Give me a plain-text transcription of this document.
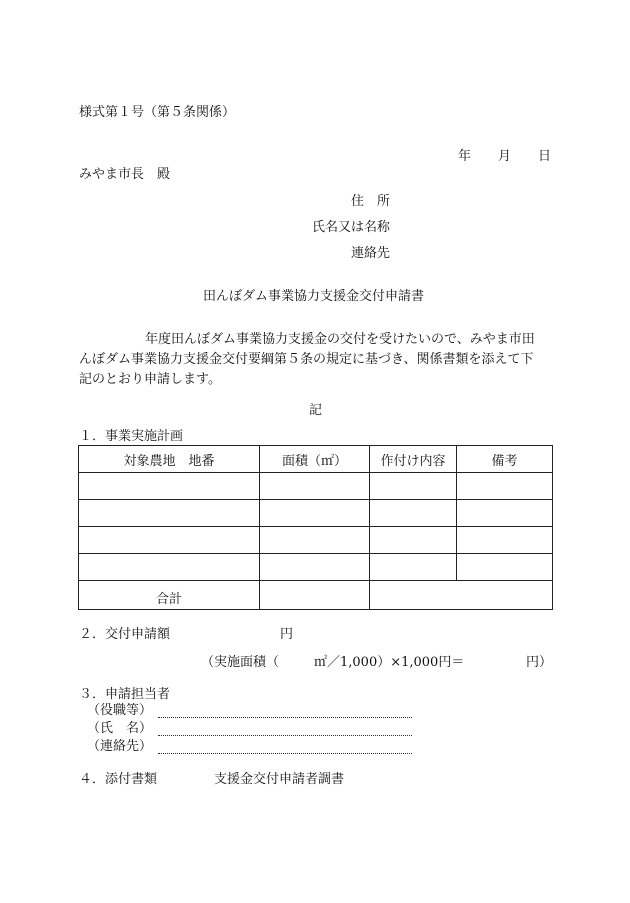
様式第１号（第５条関係）
年 月 日
みやま市長　殿
住　所
氏名又は名称
連絡先
田んぼダム事業協力支援金交付申請書
年度田んぼダム事業協力支援金の交付を受けたいので、みやま市田
んぼダム事業協力支援金交付要綱第５条の規定に基づき、関係書類を添えて下
記のとおり申請します。
記
１．事業実施計画
対象農地　地番	面積（㎡）	作付け内容	備考

合計			
２．交付申請額	円
（実施面積（	㎡／1,000）×1,000円＝	円）
３．申請担当者
（役職等）
（氏　名）
（連絡先）
４．添付書類	支援金交付申請者調書
